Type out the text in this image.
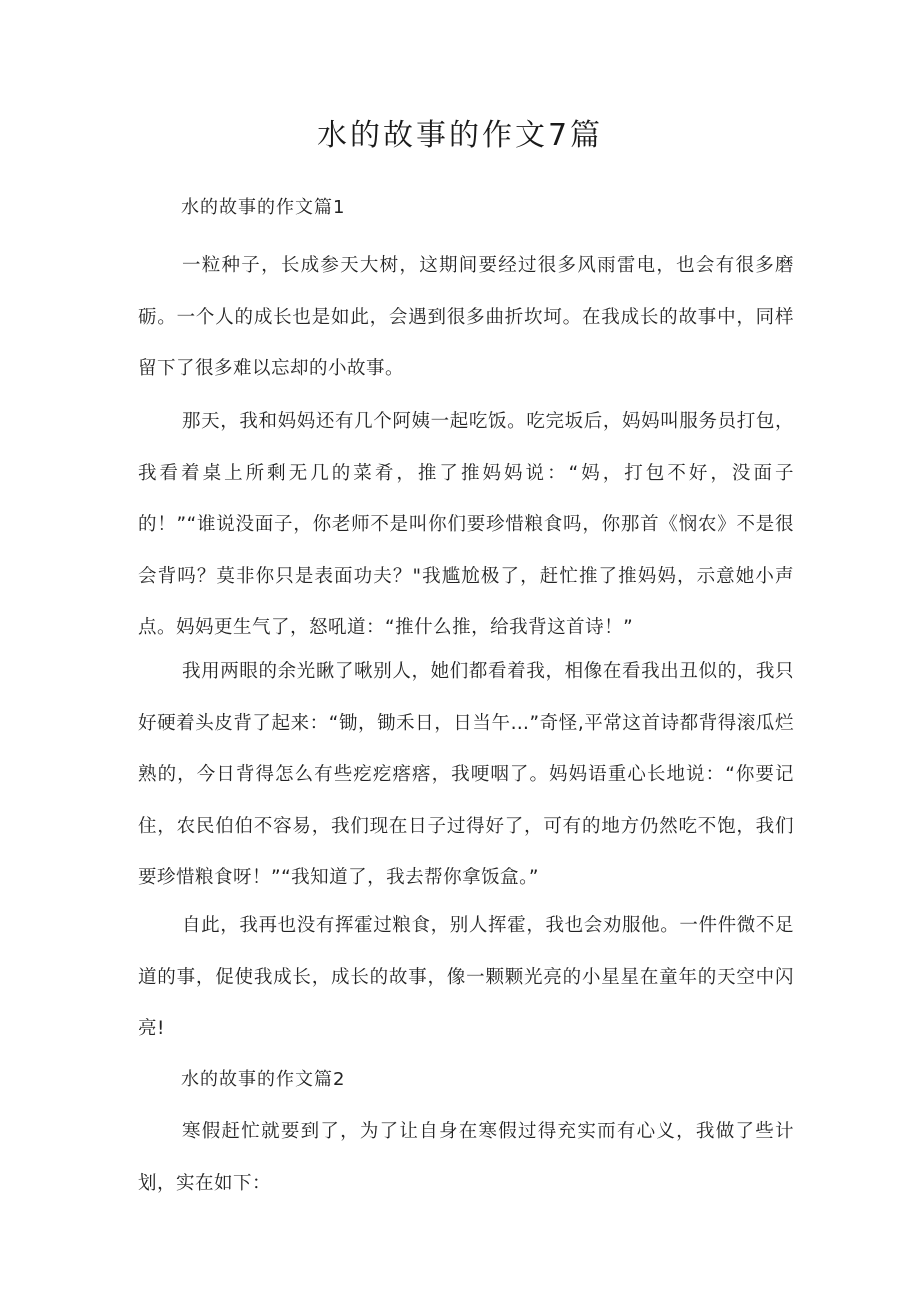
水的故事的作文7篇
水的故事的作文篇1

一粒种子，长成参天大树，这期间要经过很多风雨雷电，也会有很多磨砺。一个人的成长也是如此，会遇到很多曲折坎坷。在我成长的故事中，同样留下了很多难以忘却的小故事。

那天，我和妈妈还有几个阿姨一起吃饭。吃完坂后，妈妈叫服务员打包，我看着桌上所剩无几的菜肴，推了推妈妈说：“妈，打包不好，没面子的！”“谁说没面子，你老师不是叫你们要珍惜粮食吗，你那首《悯农》不是很会背吗？莫非你只是表面功夫？"我尴尬极了，赶忙推了推妈妈，示意她小声点。妈妈更生气了，怒吼道：“推什么推，给我背这首诗！”

我用两眼的余光瞅了啾别人，她们都看着我，相像在看我出丑似的，我只好硬着头皮背了起来：“锄，锄禾日，日当午…”奇怪,平常这首诗都背得滚瓜烂熟的，今日背得怎么有些疙疙瘩瘩，我哽咽了。妈妈语重心长地说：“你要记住，农民伯伯不容易，我们现在日子过得好了，可有的地方仍然吃不饱，我们要珍惜粮食呀！”“我知道了，我去帮你拿饭盒。”

自此，我再也没有挥霍过粮食，别人挥霍，我也会劝服他。一件件微不足道的事，促使我成长，成长的故事，像一颗颗光亮的小星星在童年的天空中闪亮!

水的故事的作文篇2

寒假赶忙就要到了，为了让自身在寒假过得充实而有心义，我做了些计划，实在如下：
